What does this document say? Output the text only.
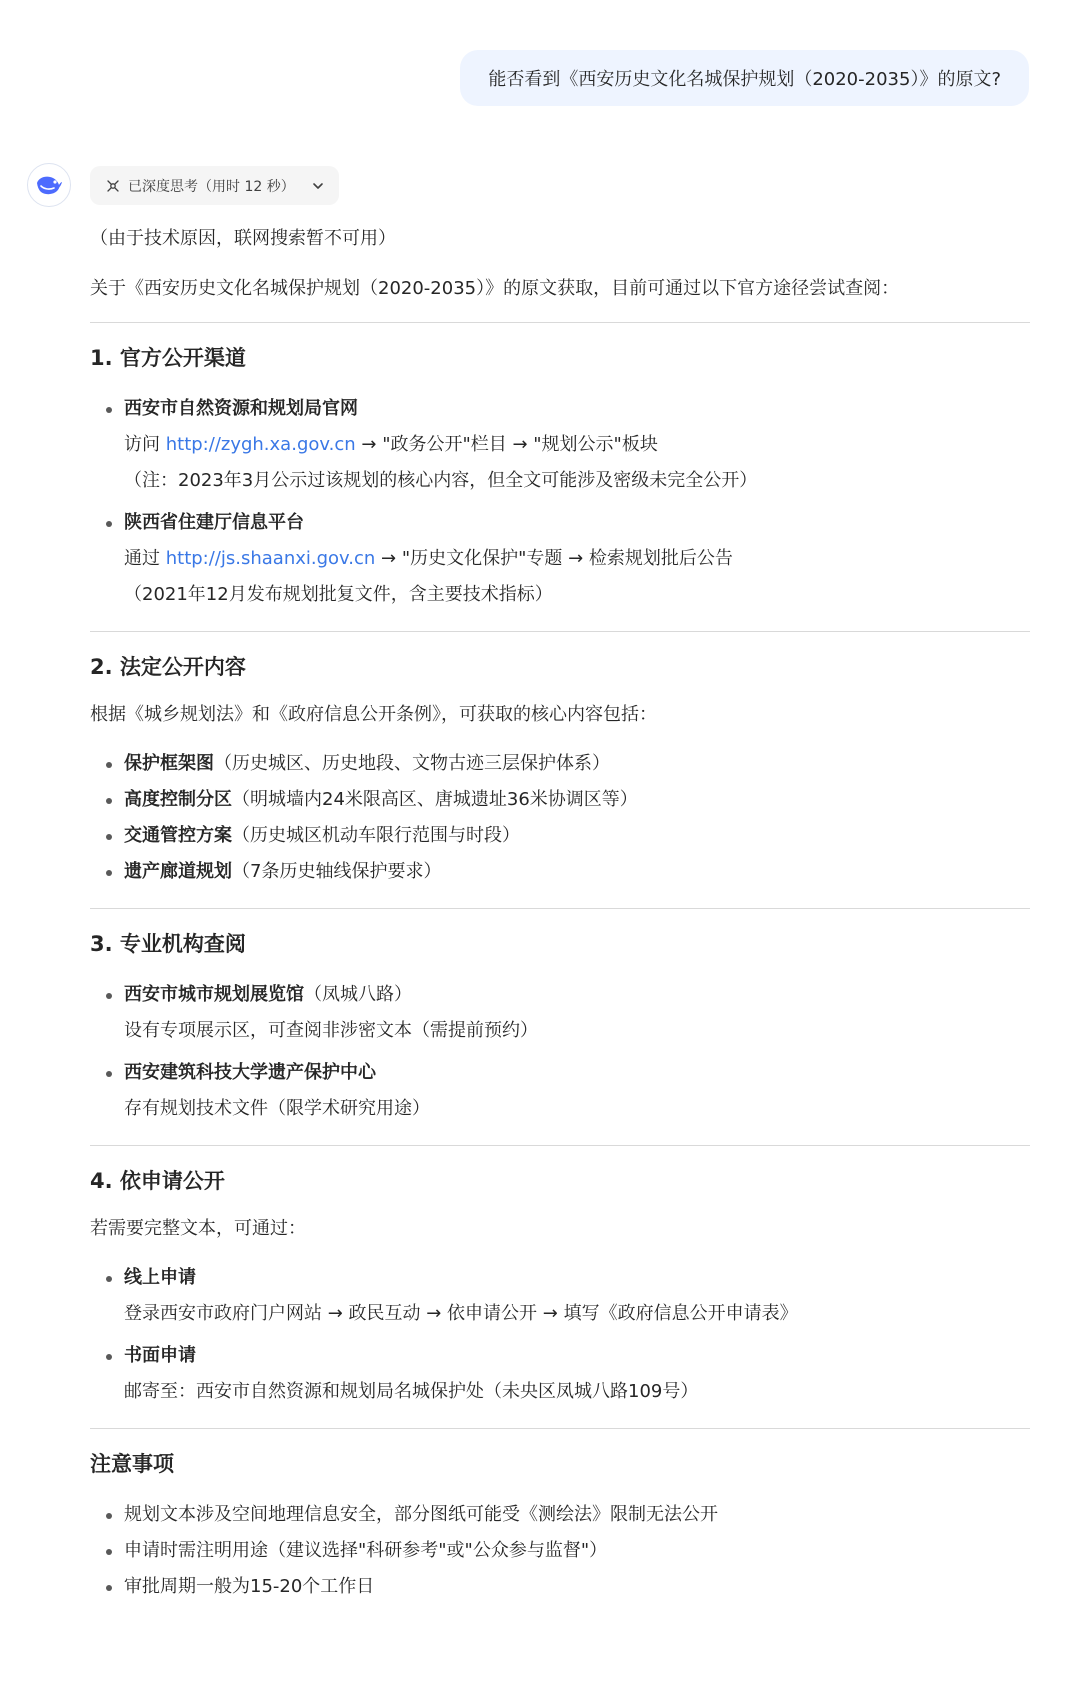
能否看到《西安历史文化名城保护规划（2020-2035）》的原文?
已深度思考（用时 12 秒）

（由于技术原因，联网搜索暂不可用）

关于《西安历史文化名城保护规划（2020-2035）》的原文获取，目前可通过以下官方途径尝试查阅：

1. 官方公开渠道
西安市自然资源和规划局官网
访问 http://zygh.xa.gov.cn → "政务公开"栏目 → "规划公示"板块
（注：2023年3月公示过该规划的核心内容，但全文可能涉及密级未完全公开）
陕西省住建厅信息平台
通过 http://js.shaanxi.gov.cn → "历史文化保护"专题 → 检索规划批后公告
（2021年12月发布规划批复文件，含主要技术指标）
2. 法定公开内容

根据《城乡规划法》和《政府信息公开条例》，可获取的核心内容包括：

保护框架图（历史城区、历史地段、文物古迹三层保护体系）
高度控制分区（明城墙内24米限高区、唐城遗址36米协调区等）
交通管控方案（历史城区机动车限行范围与时段）
遗产廊道规划（7条历史轴线保护要求）
3. 专业机构查阅
西安市城市规划展览馆（凤城八路）
设有专项展示区，可查阅非涉密文本（需提前预约）
西安建筑科技大学遗产保护中心
存有规划技术文件（限学术研究用途）
4. 依申请公开

若需要完整文本，可通过：

线上申请
登录西安市政府门户网站 → 政民互动 → 依申请公开 → 填写《政府信息公开申请表》
书面申请
邮寄至：西安市自然资源和规划局名城保护处（未央区凤城八路109号）
注意事项
规划文本涉及空间地理信息安全，部分图纸可能受《测绘法》限制无法公开
申请时需注明用途（建议选择"科研参考"或"公众参与监督"）
审批周期一般为15-20个工作日
